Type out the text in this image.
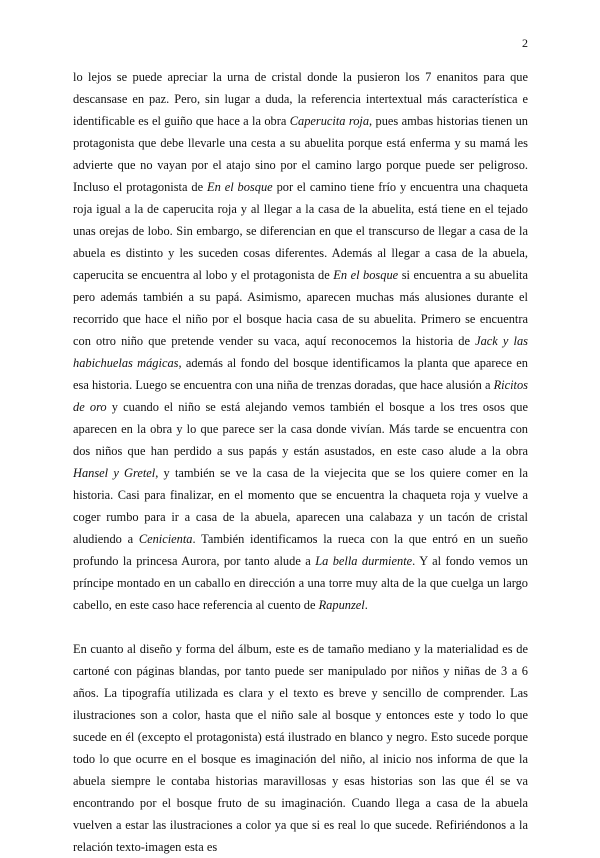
2

lo lejos se puede apreciar la urna de cristal donde la pusieron los 7 enanitos para que descansase en paz. Pero, sin lugar a duda, la referencia intertextual más característica e identificable es el guiño que hace a la obra Caperucita roja, pues ambas historias tienen un protagonista que debe llevarle una cesta a su abuelita porque está enferma y su mamá les advierte que no vayan por el atajo sino por el camino largo porque puede ser peligroso. Incluso el protagonista de En el bosque por el camino tiene frío y encuentra una chaqueta roja igual a la de caperucita roja y al llegar a la casa de la abuelita, está tiene en el tejado unas orejas de lobo. Sin embargo, se diferencian en que el transcurso de llegar a casa de la abuela es distinto y les suceden cosas diferentes. Además al llegar a casa de la abuela, caperucita se encuentra al lobo y el protagonista de En el bosque si encuentra a su abuelita pero además también a su papá. Asimismo, aparecen muchas más alusiones durante el recorrido que hace el niño por el bosque hacia casa de su abuelita. Primero se encuentra con otro niño que pretende vender su vaca, aquí reconocemos la historia de Jack y las habichuelas mágicas, además al fondo del bosque identificamos la planta que aparece en esa historia. Luego se encuentra con una niña de trenzas doradas, que hace alusión a Ricitos de oro y cuando el niño se está alejando vemos también el bosque a los tres osos que aparecen en la obra y lo que parece ser la casa donde vivían. Más tarde se encuentra con dos niños que han perdido a sus papás y están asustados, en este caso alude a la obra Hansel y Gretel, y también se ve la casa de la viejecita que se los quiere comer en la historia. Casi para finalizar, en el momento que se encuentra la chaqueta roja y vuelve a coger rumbo para ir a casa de la abuela, aparecen una calabaza y un tacón de cristal aludiendo a Cenicienta. También identificamos la rueca con la que entró en un sueño profundo la princesa Aurora, por tanto alude a La bella durmiente. Y al fondo vemos un príncipe montado en un caballo en dirección a una torre muy alta de la que cuelga un largo cabello, en este caso hace referencia al cuento de Rapunzel.

En cuanto al diseño y forma del álbum, este es de tamaño mediano y la materialidad es de cartoné con páginas blandas, por tanto puede ser manipulado por niños y niñas de 3 a 6 años. La tipografía utilizada es clara y el texto es breve y sencillo de comprender. Las ilustraciones son a color, hasta que el niño sale al bosque y entonces este y todo lo que sucede en él (excepto el protagonista) está ilustrado en blanco y negro. Esto sucede porque todo lo que ocurre en el bosque es imaginación del niño, al inicio nos informa de que la abuela siempre le contaba historias maravillosas y esas historias son las que él se va encontrando por el bosque fruto de su imaginación. Cuando llega a casa de la abuela vuelven a estar las ilustraciones a color ya que si es real lo que sucede. Refiriéndonos a la relación texto-imagen esta es
